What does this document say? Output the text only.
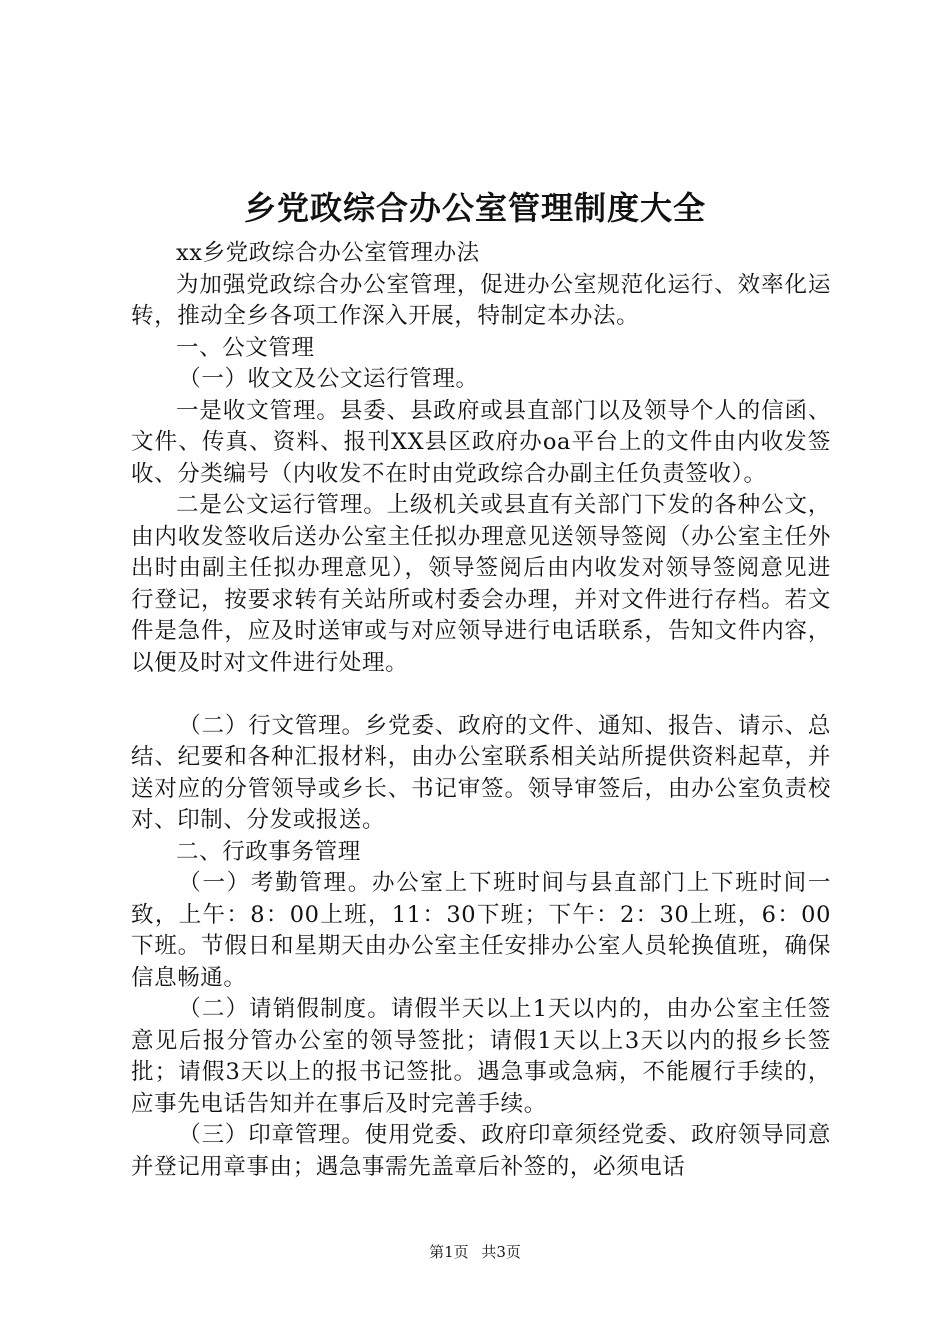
乡党政综合办公室管理制度大全

xx乡党政综合办公室管理办法

为加强党政综合办公室管理，促进办公室规范化运行、效率化运转，推动全乡各项工作深入开展，特制定本办法。

一、公文管理

（一）收文及公文运行管理。

一是收文管理。县委、县政府或县直部门以及领导个人的信函、文件、传真、资料、报刊XX县区政府办oa平台上的文件由内收发签收、分类编号（内收发不在时由党政综合办副主任负责签收）。

二是公文运行管理。上级机关或县直有关部门下发的各种公文，由内收发签收后送办公室主任拟办理意见送领导签阅（办公室主任外出时由副主任拟办理意见），领导签阅后由内收发对领导签阅意见进行登记，按要求转有关站所或村委会办理，并对文件进行存档。若文件是急件，应及时送审或与对应领导进行电话联系，告知文件内容，以便及时对文件进行处理。

（二）行文管理。乡党委、政府的文件、通知、报告、请示、总结、纪要和各种汇报材料，由办公室联系相关站所提供资料起草，并送对应的分管领导或乡长、书记审签。领导审签后，由办公室负责校对、印制、分发或报送。

二、行政事务管理

（一）考勤管理。办公室上下班时间与县直部门上下班时间一致，上午：8：00上班，11：30下班；下午：2：30上班，6：00下班。节假日和星期天由办公室主任安排办公室人员轮换值班，确保信息畅通。

（二）请销假制度。请假半天以上1天以内的，由办公室主任签意见后报分管办公室的领导签批；请假1天以上3天以内的报乡长签批；请假3天以上的报书记签批。遇急事或急病，不能履行手续的，应事先电话告知并在事后及时完善手续。

（三）印章管理。使用党委、政府印章须经党委、政府领导同意并登记用章事由；遇急事需先盖章后补签的，必须电话

第1页 共3页
